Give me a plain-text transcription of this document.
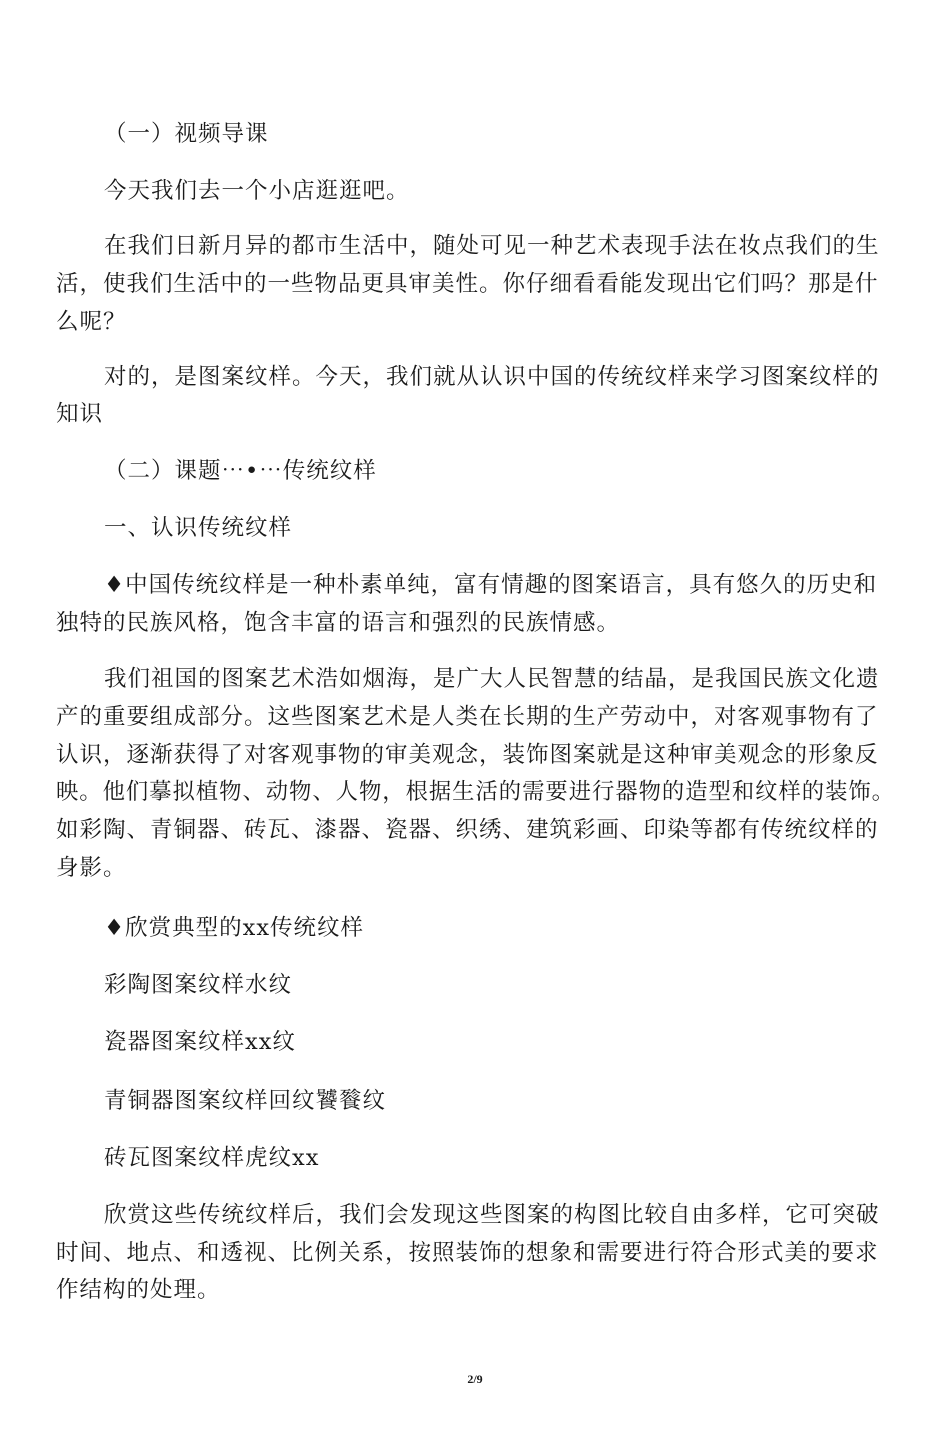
（一）视频导课
今天我们去一个小店逛逛吧。
在我们日新月异的都市生活中，随处可见一种艺术表现手法在妆点我们的生
活，使我们生活中的一些物品更具审美性。你仔细看看能发现出它们吗？那是什
么呢？
对的，是图案纹样。今天，我们就从认识中国的传统纹样来学习图案纹样的
知识
（二）课题⋯•⋯传统纹样
一、认识传统纹样
♦中国传统纹样是一种朴素单纯，富有情趣的图案语言，具有悠久的历史和
独特的民族风格，饱含丰富的语言和强烈的民族情感。
我们祖国的图案艺术浩如烟海，是广大人民智慧的结晶，是我国民族文化遗
产的重要组成部分。这些图案艺术是人类在长期的生产劳动中，对客观事物有了
认识，逐渐获得了对客观事物的审美观念，装饰图案就是这种审美观念的形象反
映。他们摹拟植物、动物、人物，根据生活的需要进行器物的造型和纹样的装饰。
如彩陶、青铜器、砖瓦、漆器、瓷器、织绣、建筑彩画、印染等都有传统纹样的
身影。
♦欣赏典型的xx传统纹样
彩陶图案纹样水纹
瓷器图案纹样xx纹
青铜器图案纹样回纹饕餮纹
砖瓦图案纹样虎纹xx
欣赏这些传统纹样后，我们会发现这些图案的构图比较自由多样，它可突破
时间、地点、和透视、比例关系，按照装饰的想象和需要进行符合形式美的要求
作结构的处理。
2/9
